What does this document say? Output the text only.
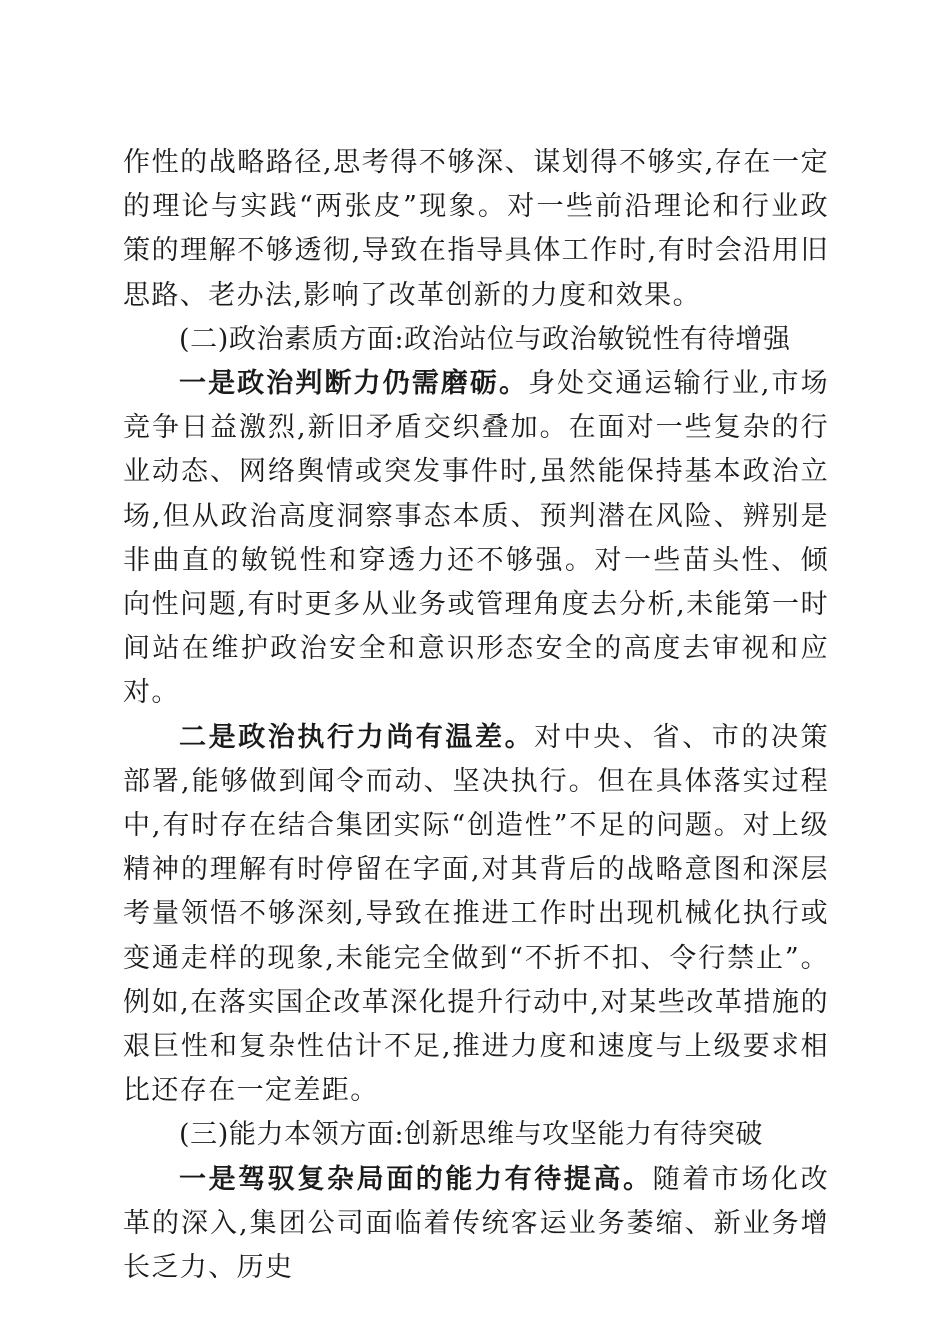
作性的战略路径,思考得不够深、谋划得不够实,存在一定的理论与实践“两张皮”现象。对一些前沿理论和行业政策的理解不够透彻,导致在指导具体工作时,有时会沿用旧思路、老办法,影响了改革创新的力度和效果。

(二)政治素质方面:政治站位与政治敏锐性有待增强

一是政治判断力仍需磨砺。身处交通运输行业,市场竞争日益激烈,新旧矛盾交织叠加。在面对一些复杂的行业动态、网络舆情或突发事件时,虽然能保持基本政治立场,但从政治高度洞察事态本质、预判潜在风险、辨别是非曲直的敏锐性和穿透力还不够强。对一些苗头性、倾向性问题,有时更多从业务或管理角度去分析,未能第一时间站在维护政治安全和意识形态安全的高度去审视和应对。

二是政治执行力尚有温差。对中央、省、市的决策部署,能够做到闻令而动、坚决执行。但在具体落实过程中,有时存在结合集团实际“创造性”不足的问题。对上级精神的理解有时停留在字面,对其背后的战略意图和深层考量领悟不够深刻,导致在推进工作时出现机械化执行或变通走样的现象,未能完全做到“不折不扣、令行禁止”。例如,在落实国企改革深化提升行动中,对某些改革措施的艰巨性和复杂性估计不足,推进力度和速度与上级要求相比还存在一定差距。

(三)能力本领方面:创新思维与攻坚能力有待突破

一是驾驭复杂局面的能力有待提高。随着市场化改革的深入,集团公司面临着传统客运业务萎缩、新业务增长乏力、历史
